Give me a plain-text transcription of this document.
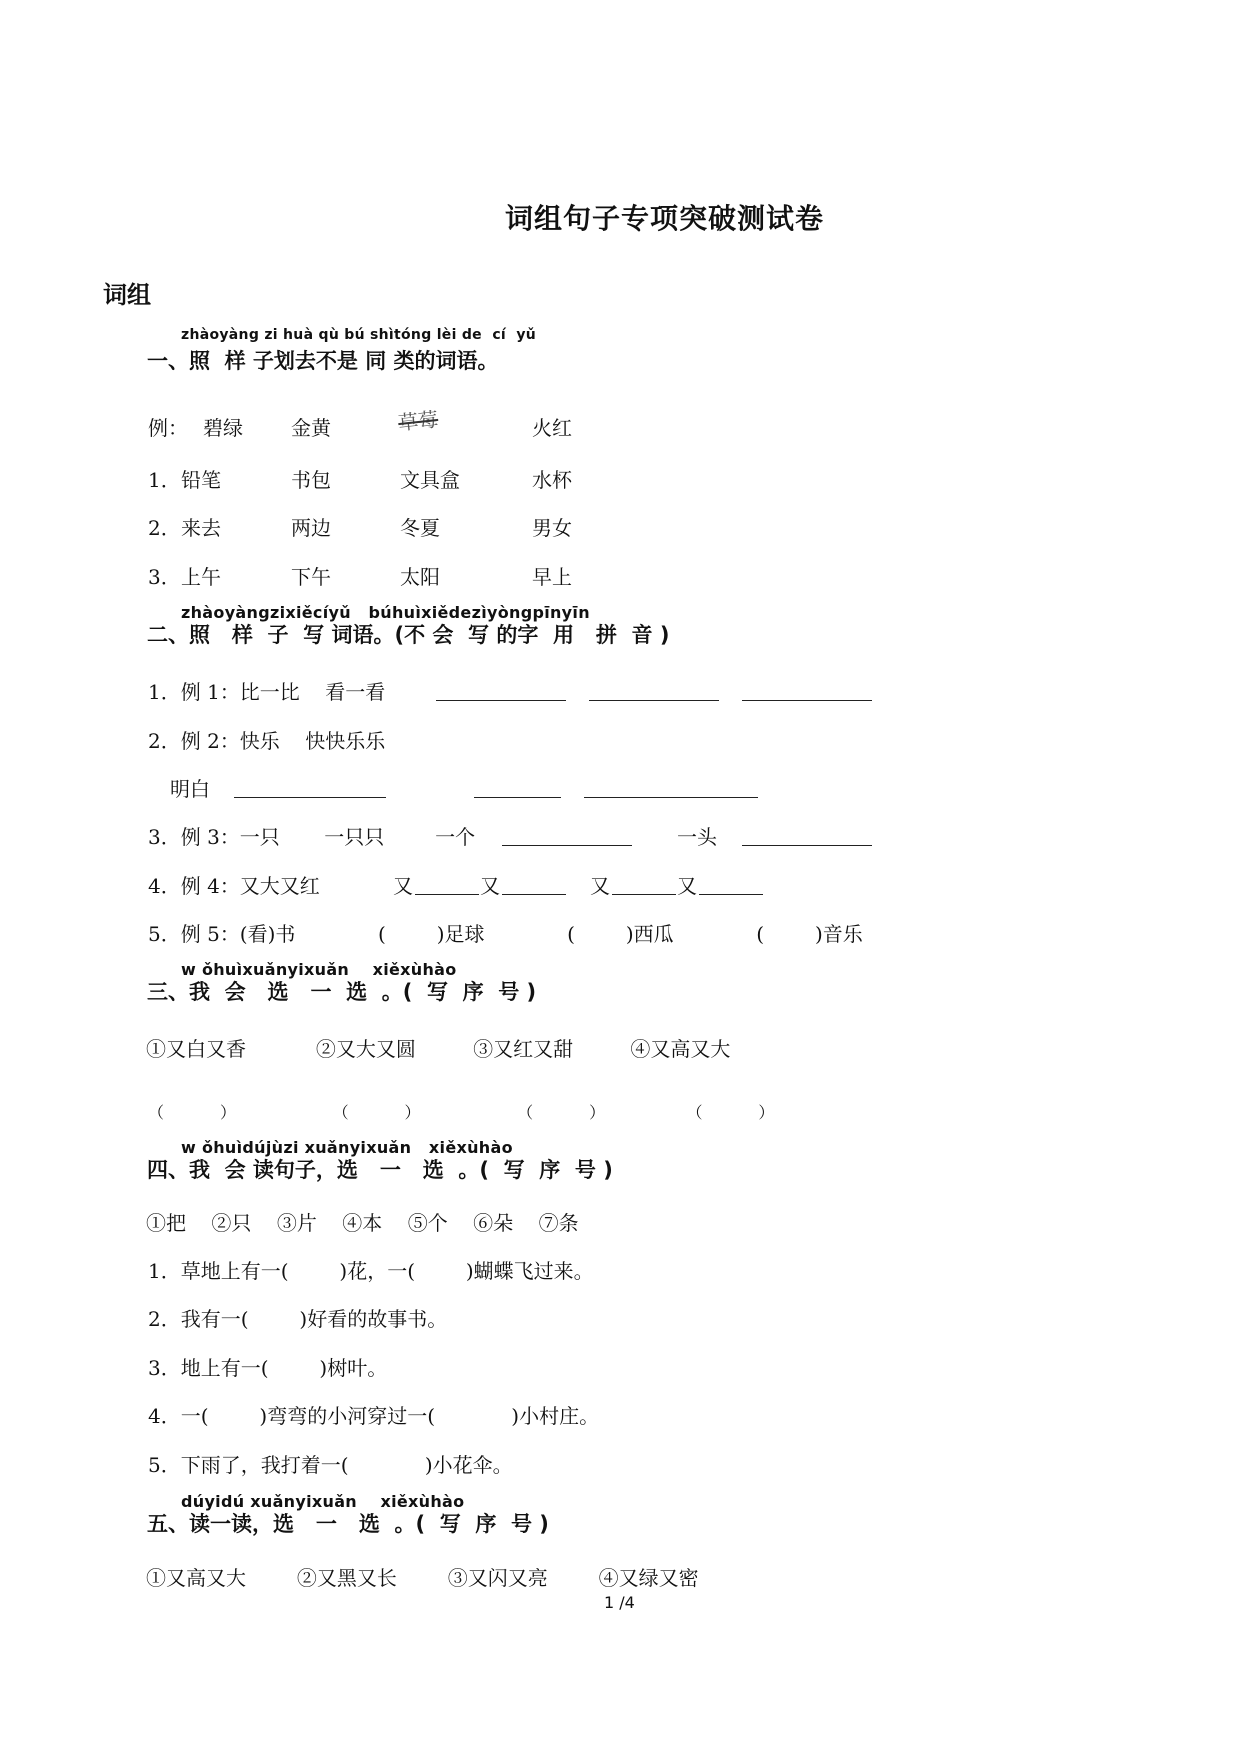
词组句子专项突破测试卷
词组
zhàoyàng zi huà qù bú shìtóng lèi de  cí  yǔ
一、照  样 子划去不是 同 类的词语。
例： 碧绿 金黄	草莓	火红
1． 铅笔	书包	文具盒	水杯
2． 来去	两边	冬夏	男女
3． 上午	下午	太阳	早上
zhàoyàngzixiěcíyǔ   búhuìxiědezìyòngpīnyīn
二、照   样  子  写 词语。(不 会  写 的字  用   拼  音 )
1．例 1：比一比    看一看
2．例 2：快乐    快快乐乐
明白
3．例 3：一只       一只只        一个	一头
4．例 4：又大又红	又	又	又	又
5．例 5：(看)书             (        )足球             (        )西瓜             (        )音乐
w ǒhuìxuǎnyixuǎn    xiěxùhào
三、我  会   选   一  选  。(  写  序  号 )
①又白又香           ②又大又圆         ③又红又甜         ④又高又大
（           ）                   （           ）                   （           ）                （           ）
w ǒhuìdújùzi xuǎnyixuǎn   xiěxùhào
四、我  会 读句子，选   一   选  。(  写  序  号 )
①把    ②只    ③片    ④本    ⑤个    ⑥朵    ⑦条
1．草地上有一(        )花，一(        )蝴蝶飞过来。
2．我有一(        )好看的故事书。
3．地上有一(        )树叶。
4．一(        )弯弯的小河穿过一(            )小村庄。
5．下雨了，我打着一(            )小花伞。
dúyidú xuǎnyixuǎn    xiěxùhào
五、读一读，选   一   选  。(  写  序  号 )
①又高又大        ②又黑又长        ③又闪又亮        ④又绿又密
1 /4
